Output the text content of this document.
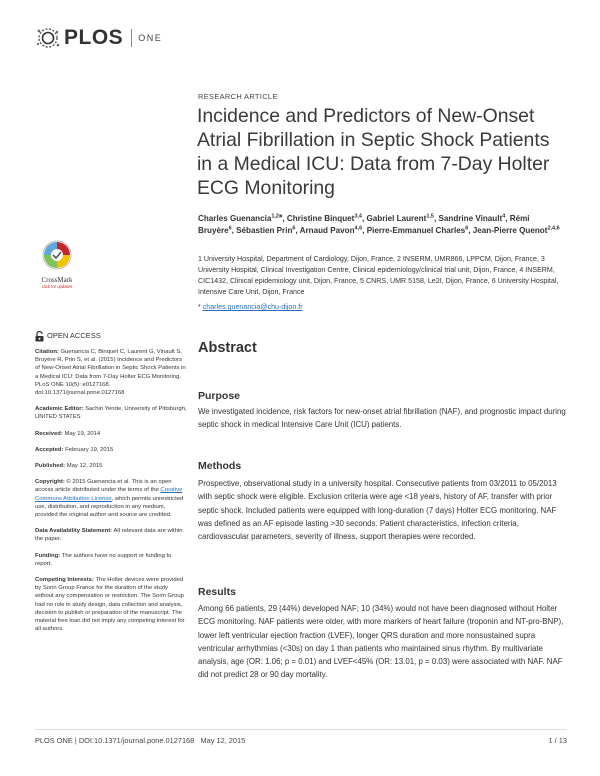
PLOS ONE
RESEARCH ARTICLE
Incidence and Predictors of New-Onset Atrial Fibrillation in Septic Shock Patients in a Medical ICU: Data from 7-Day Holter ECG Monitoring
Charles Guenancia$^{1,2⨳}$, Christine Binquet$^{3,4}$, Gabriel Laurent$^{1,5}$, Sandrine Vinault$^4$, Rémi Bruyère$^6$, Sébastien Prin$^6$, Arnaud Pavon$^{4,6}$, Pierre-Emmanuel Charles$^6$, Jean-Pierre Quenot$^{2,4,6}$
1 University Hospital, Department of Cardiology, Dijon, France, 2 INSERM, UMR866, LPPCM, Dijon, France, 3 University Hospital, Clinical Investigation Centre, Clinical epidemiology/clinical trial unit, Dijon, France, 4 INSERM, CIC1432, Clinical epidemiology unit, Dijon, France, 5 CNRS, UMR 5158, Le2I, Dijon, France, 6 University Hospital, Intensive Care Unit, Dijon, France
* charles.guenancia@chu-dijon.fr
CrossMark
click for updates
OPEN ACCESS
Citation: Guenancia C, Binquet C, Laurent G, Vinault S, Bruyère R, Prin S, et al. (2015) Incidence and Predictors of New-Onset Atrial Fibrillation in Septic Shock Patients in a Medical ICU: Data from 7-Day Holter ECG Monitoring. PLoS ONE 10(5): e0127168. doi:10.1371/journal.pone.0127168
Academic Editor: Sachin Yende, University of Pittsburgh, UNITED STATES
Received: May 19, 2014
Accepted: February 19, 2015
Published: May 12, 2015
Copyright: © 2015 Guenancia et al. This is an open access article distributed under the terms of the Creative Commons Attribution License, which permits unrestricted use, distribution, and reproduction in any medium, provided the original author and source are credited.
Data Availability Statement: All relevant data are within the paper.
Funding: The authors have no support or funding to report.
Competing Interests: The Holter devices were provided by Sorin Group France for the duration of the study without any compensation or restriction. The Sorin Group had no role in study design, data collection and analysis, decision to publish or preparation of the manuscript. The material free loan did not imply any competing interest for all authors.
Abstract
Purpose

We investigated incidence, risk factors for new-onset atrial fibrillation (NAF), and prognostic impact during septic shock in medical Intensive Care Unit (ICU) patients.

Methods

Prospective, observational study in a university hospital. Consecutive patients from 03/2011 to 05/2013 with septic shock were eligible. Exclusion criteria were age <18 years, history of AF, transfer with prior septic shock. Included patients were equipped with long-duration (7 days) Holter ECG monitoring. NAF was defined as an AF episode lasting >30 seconds. Patient characteristics, infection criteria, cardiovascular parameters, severity of illness, support therapies were recorded.

Results

Among 66 patients, 29 (44%) developed NAF; 10 (34%) would not have been diagnosed without Holter ECG monitoring. NAF patients were older, with more markers of heart failure (troponin and NT-pro-BNP), lower left ventricular ejection fraction (LVEF), longer QRS duration and more nonsustained supra ventricular arrhythmias (<30s) on day 1 than patients who maintained sinus rhythm. By multivariate analysis, age (OR: 1.06; p = 0.01) and LVEF<45% (OR: 13.01, p = 0.03) were associated with NAF. NAF did not predict 28 or 90 day mortality.

PLOS ONE | DOI:10.1371/journal.pone.0127168 May 12, 2015	1 / 13
